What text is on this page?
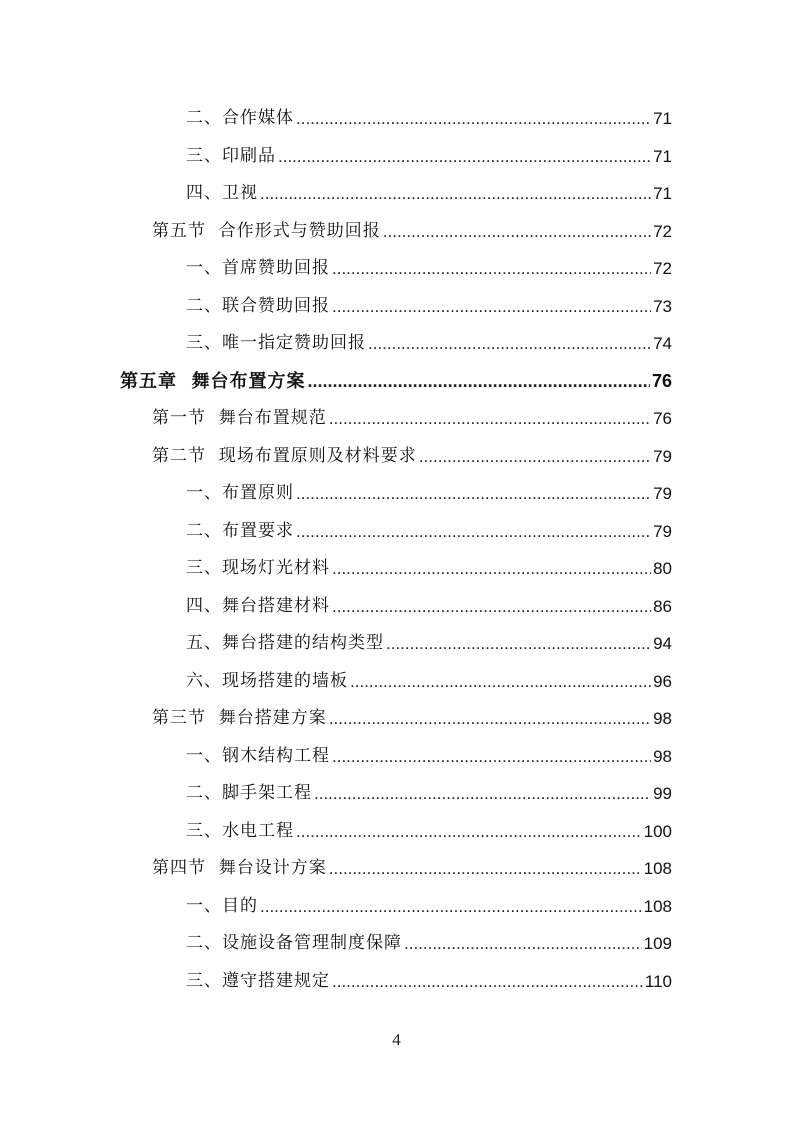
二、合作媒体 .....	71
三、印刷品 .....	71
四、卫视 .....	71
第五节  合作形式与赞助回报 .....	72
一、首席赞助回报 .....	72
二、联合赞助回报 .....	73
三、唯一指定赞助回报 .....	74
第五章  舞台布置方案 .....	76
第一节  舞台布置规范 .....	76
第二节  现场布置原则及材料要求 .....	79
一、布置原则 .....	79
二、布置要求 .....	79
三、现场灯光材料 .....	80
四、舞台搭建材料 .....	86
五、舞台搭建的结构类型 .....	94
六、现场搭建的墙板 .....	96
第三节  舞台搭建方案 .....	98
一、钢木结构工程 .....	98
二、脚手架工程 .....	99
三、水电工程 .....	100
第四节  舞台设计方案 .....	108
一、目的 .....	108
二、设施设备管理制度保障 .....	109
三、遵守搭建规定 .....	110
4
